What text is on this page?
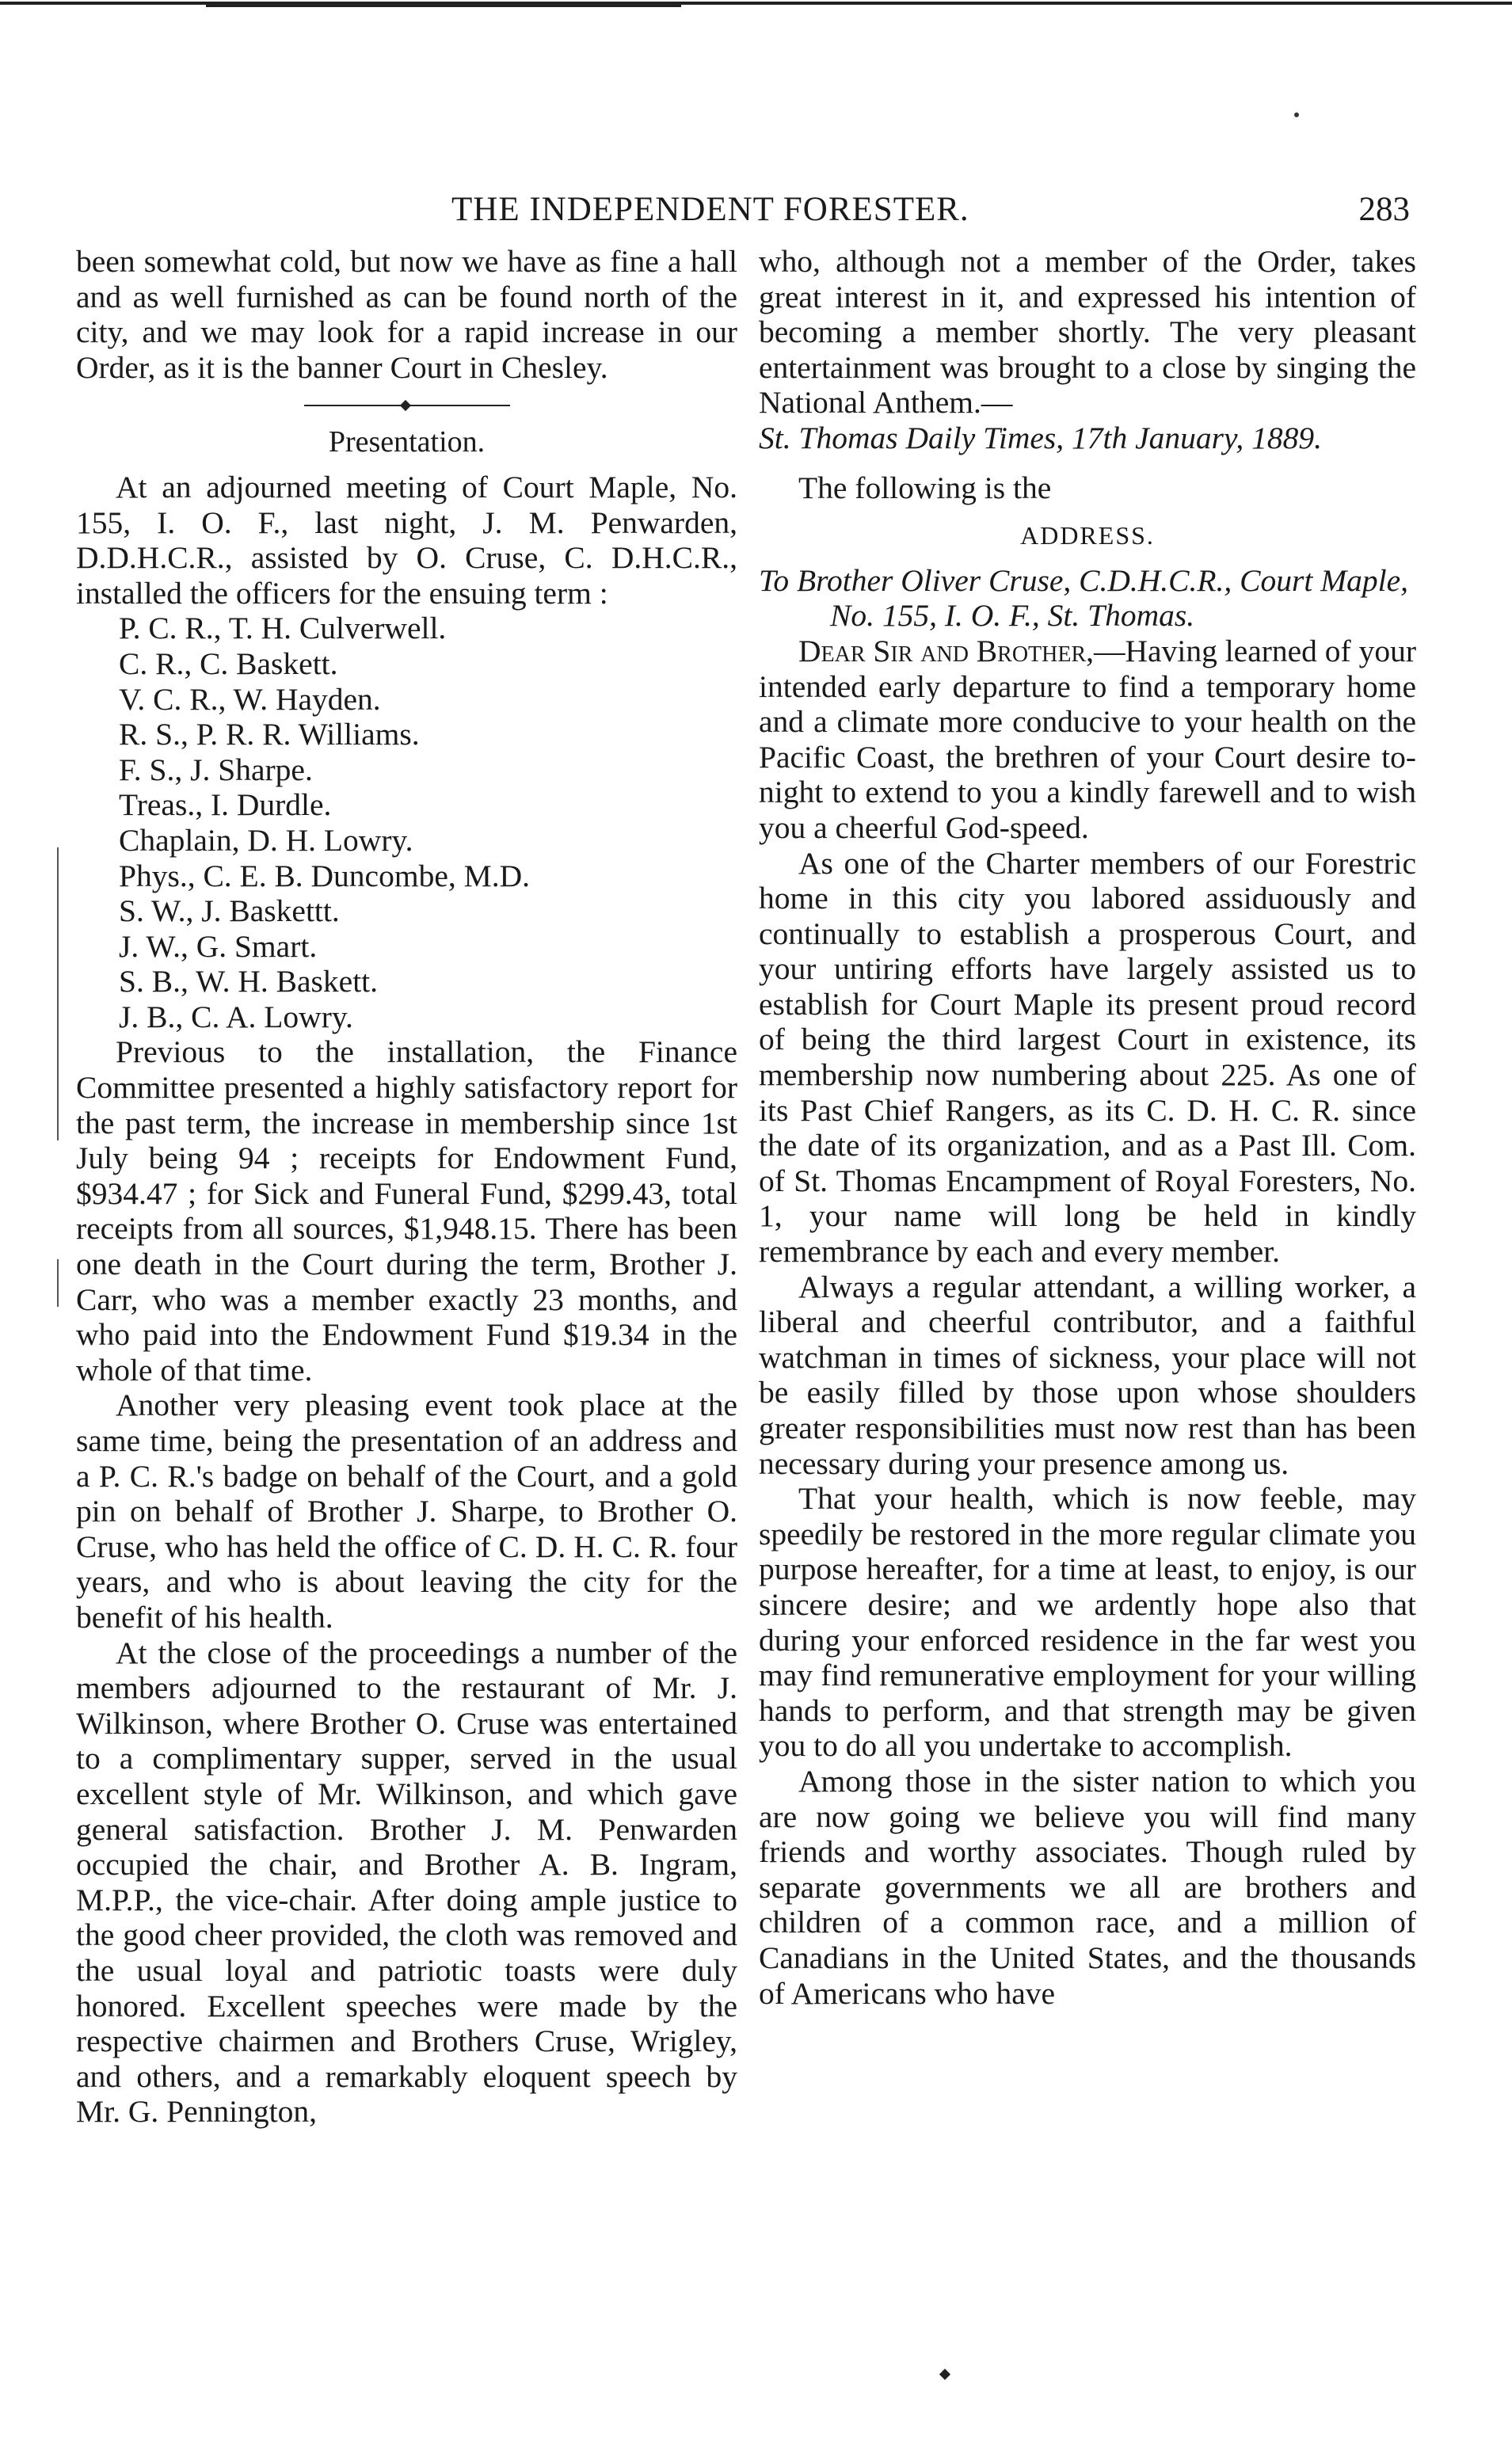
THE INDEPENDENT FORESTER.	283

been somewhat cold, but now we have as fine a hall and as well furnished as can be found north of the city, and we may look for a rapid increase in our Order, as it is the banner Court in Chesley.

Presentation.

At an adjourned meeting of Court Maple, No. 155, I. O. F., last night, J. M. Penwarden, D.D.H.C.R., assisted by O. Cruse, C. D.H.C.R., installed the officers for the ensuing term :

P. C. R., T. H. Culverwell.

C. R., C. Baskett.

V. C. R., W. Hayden.

R. S., P. R. R. Williams.

F. S., J. Sharpe.

Treas., I. Durdle.

Chaplain, D. H. Lowry.

Phys., C. E. B. Duncombe, M.D.

S. W., J. Baskettt.

J. W., G. Smart.

S. B., W. H. Baskett.

J. B., C. A. Lowry.

Previous to the installation, the Finance Committee presented a highly satisfactory report for the past term, the increase in membership since 1st July being 94 ; receipts for Endowment Fund, $934.47 ; for Sick and Funeral Fund, $299.43, total receipts from all sources, $1,948.15. There has been one death in the Court during the term, Brother J. Carr, who was a member exactly 23 months, and who paid into the Endowment Fund $19.34 in the whole of that time.

Another very pleasing event took place at the same time, being the presentation of an address and a P. C. R.'s badge on behalf of the Court, and a gold pin on behalf of Brother J. Sharpe, to Brother O. Cruse, who has held the office of C. D. H. C. R. four years, and who is about leaving the city for the benefit of his health.

At the close of the proceedings a number of the members adjourned to the restaurant of Mr. J. Wilkinson, where Brother O. Cruse was entertained to a complimentary supper, served in the usual excellent style of Mr. Wilkinson, and which gave general satisfaction. Brother J. M. Penwarden occupied the chair, and Brother A. B. Ingram, M.P.P., the vice-chair. After doing ample justice to the good cheer provided, the cloth was removed and the usual loyal and patriotic toasts were duly honored. Excellent speeches were made by the respective chairmen and Brothers Cruse, Wrigley, and others, and a remarkably eloquent speech by Mr. G. Pennington,

who, although not a member of the Order, takes great interest in it, and expressed his intention of becoming a member shortly. The very pleasant entertainment was brought to a close by singing the National Anthem.—

St. Thomas Daily Times, 17th January, 1889.

The following is the

ADDRESS.

To Brother Oliver Cruse, C.D.H.C.R., Court Maple, No. 155, I. O. F., St. Thomas.

Dear Sir and Brother,—Having learned of your intended early departure to find a temporary home and a climate more conducive to your health on the Pacific Coast, the brethren of your Court desire to-night to extend to you a kindly farewell and to wish you a cheerful God-speed.

As one of the Charter members of our Forestric home in this city you labored assiduously and continually to establish a prosperous Court, and your untiring efforts have largely assisted us to establish for Court Maple its present proud record of being the third largest Court in existence, its membership now numbering about 225. As one of its Past Chief Rangers, as its C. D. H. C. R. since the date of its organization, and as a Past Ill. Com. of St. Thomas Encampment of Royal Foresters, No. 1, your name will long be held in kindly remembrance by each and every member.

Always a regular attendant, a willing worker, a liberal and cheerful contributor, and a faithful watchman in times of sickness, your place will not be easily filled by those upon whose shoulders greater responsibilities must now rest than has been necessary during your presence among us.

That your health, which is now feeble, may speedily be restored in the more regular climate you purpose hereafter, for a time at least, to enjoy, is our sincere desire; and we ardently hope also that during your enforced residence in the far west you may find remunerative employment for your willing hands to perform, and that strength may be given you to do all you undertake to accomplish.

Among those in the sister nation to which you are now going we believe you will find many friends and worthy associates. Though ruled by separate governments we all are brothers and children of a common race, and a million of Canadians in the United States, and the thousands of Americans who have
